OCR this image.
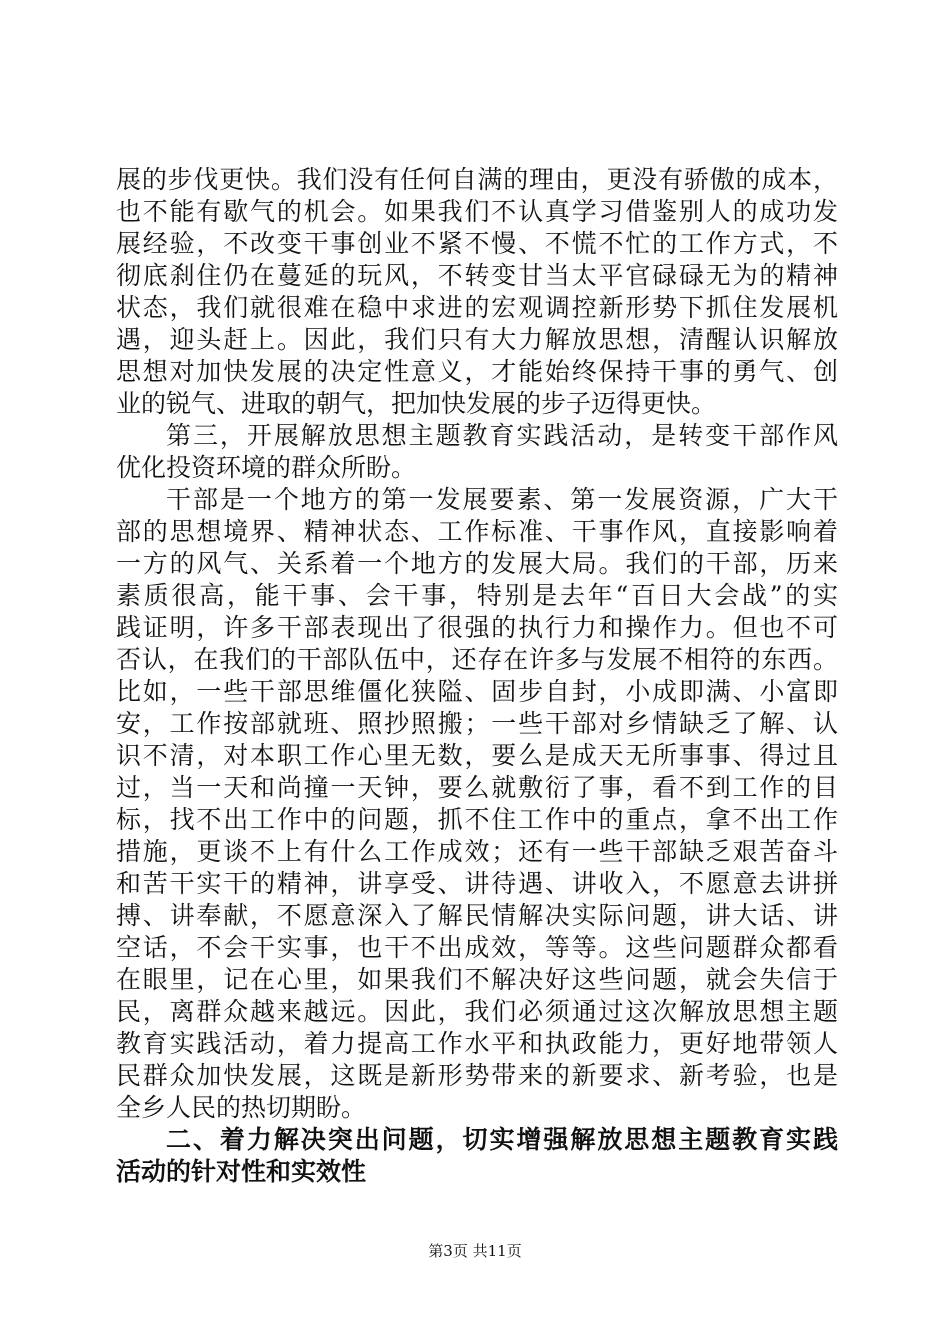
展的步伐更快。我们没有任何自满的理由，更没有骄傲的成本，
也不能有歇气的机会。如果我们不认真学习借鉴别人的成功发
展经验，不改变干事创业不紧不慢、不慌不忙的工作方式，不
彻底刹住仍在蔓延的玩风，不转变甘当太平官碌碌无为的精神
状态，我们就很难在稳中求进的宏观调控新形势下抓住发展机
遇，迎头赶上。因此，我们只有大力解放思想，清醒认识解放
思想对加快发展的决定性意义，才能始终保持干事的勇气、创
业的锐气、进取的朝气，把加快发展的步子迈得更快。
第三，开展解放思想主题教育实践活动，是转变干部作风
优化投资环境的群众所盼。
干部是一个地方的第一发展要素、第一发展资源，广大干
部的思想境界、精神状态、工作标准、干事作风，直接影响着
一方的风气、关系着一个地方的发展大局。我们的干部，历来
素质很高，能干事、会干事，特别是去年“百日大会战”的实
践证明，许多干部表现出了很强的执行力和操作力。但也不可
否认，在我们的干部队伍中，还存在许多与发展不相符的东西。
比如，一些干部思维僵化狭隘、固步自封，小成即满、小富即
安，工作按部就班、照抄照搬；一些干部对乡情缺乏了解、认
识不清，对本职工作心里无数，要么是成天无所事事、得过且
过，当一天和尚撞一天钟，要么就敷衍了事，看不到工作的目
标，找不出工作中的问题，抓不住工作中的重点，拿不出工作
措施，更谈不上有什么工作成效；还有一些干部缺乏艰苦奋斗
和苦干实干的精神，讲享受、讲待遇、讲收入，不愿意去讲拼
搏、讲奉献，不愿意深入了解民情解决实际问题，讲大话、讲
空话，不会干实事，也干不出成效，等等。这些问题群众都看
在眼里，记在心里，如果我们不解决好这些问题，就会失信于
民，离群众越来越远。因此，我们必须通过这次解放思想主题
教育实践活动，着力提高工作水平和执政能力，更好地带领人
民群众加快发展，这既是新形势带来的新要求、新考验，也是
全乡人民的热切期盼。
二、着力解决突出问题，切实增强解放思想主题教育实践
活动的针对性和实效性
第3页 共11页
